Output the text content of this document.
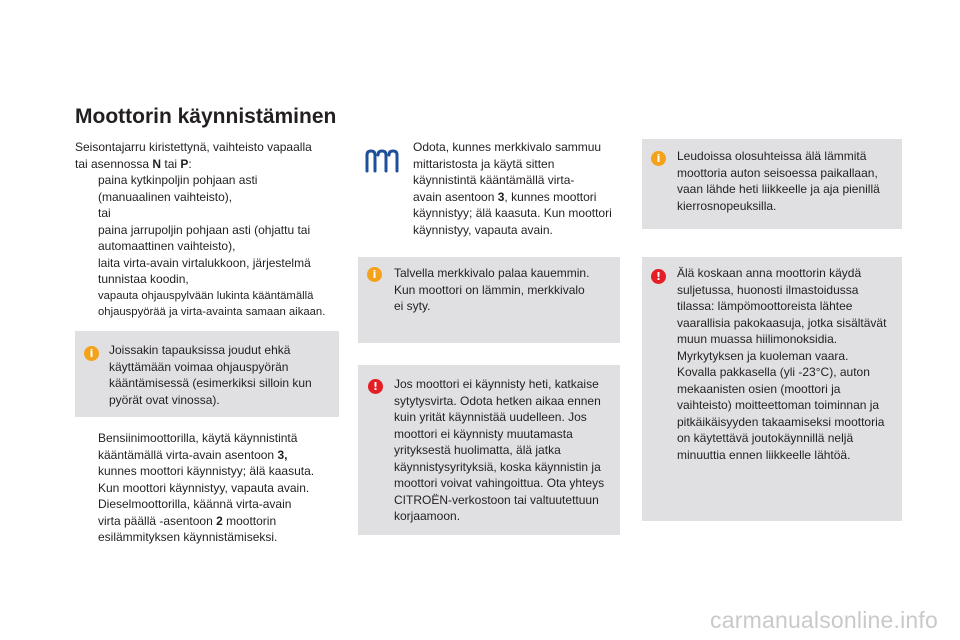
Moottorin käynnistäminen
Seisontajarru kiristettynä, vaihteisto vapaalla
tai asennossa N tai P:
paina kytkinpoljin pohjaan asti
(manuaalinen vaihteisto),
tai
paina jarrupoljin pohjaan asti (ohjattu tai
automaattinen vaihteisto),
laita virta-avain virtalukkoon, järjestelmä
tunnistaa koodin,
vapauta ohjauspylvään lukinta kääntämällä
ohjauspyörää ja virta-avainta samaan aikaan.
i	Joissakin tapauksissa joudut ehkä
käyttämään voimaa ohjauspyörän
kääntämisessä (esimerkiksi silloin kun
pyörät ovat vinossa).
Bensiinimoottorilla, käytä käynnistintä
kääntämällä virta-avain asentoon 3,
kunnes moottori käynnistyy; älä kaasuta.
Kun moottori käynnistyy, vapauta avain.
Dieselmoottorilla, käännä virta-avain
virta päällä -asentoon 2 moottorin
esilämmityksen käynnistämiseksi.
Odota, kunnes merkkivalo sammuu
mittaristosta ja käytä sitten
käynnistintä kääntämällä virta-
avain asentoon 3, kunnes moottori
käynnistyy; älä kaasuta. Kun moottori
käynnistyy, vapauta avain.
i	Talvella merkkivalo palaa kauemmin.
Kun moottori on lämmin, merkkivalo
ei syty.
!	Jos moottori ei käynnisty heti, katkaise
sytytysvirta. Odota hetken aikaa ennen
kuin yrität käynnistää uudelleen. Jos
moottori ei käynnisty muutamasta
yrityksestä huolimatta, älä jatka
käynnistysyrityksiä, koska käynnistin ja
moottori voivat vahingoittua. Ota yhteys
CITROËN-verkostoon tai valtuutettuun
korjaamoon.
i	Leudoissa olosuhteissa älä lämmitä
moottoria auton seisoessa paikallaan,
vaan lähde heti liikkeelle ja aja pienillä
kierrosnopeuksilla.
!	Älä koskaan anna moottorin käydä
suljetussa, huonosti ilmastoidussa
tilassa: lämpömoottoreista lähtee
vaarallisia pakokaasuja, jotka sisältävät
muun muassa hiilimonoksidia.
Myrkytyksen ja kuoleman vaara.
Kovalla pakkasella (yli -23°C), auton
mekaanisten osien (moottori ja
vaihteisto) moitteettoman toiminnan ja
pitkäikäisyyden takaamiseksi moottoria
on käytettävä joutokäynnillä neljä
minuuttia ennen liikkeelle lähtöä.
carmanualsonline.info
